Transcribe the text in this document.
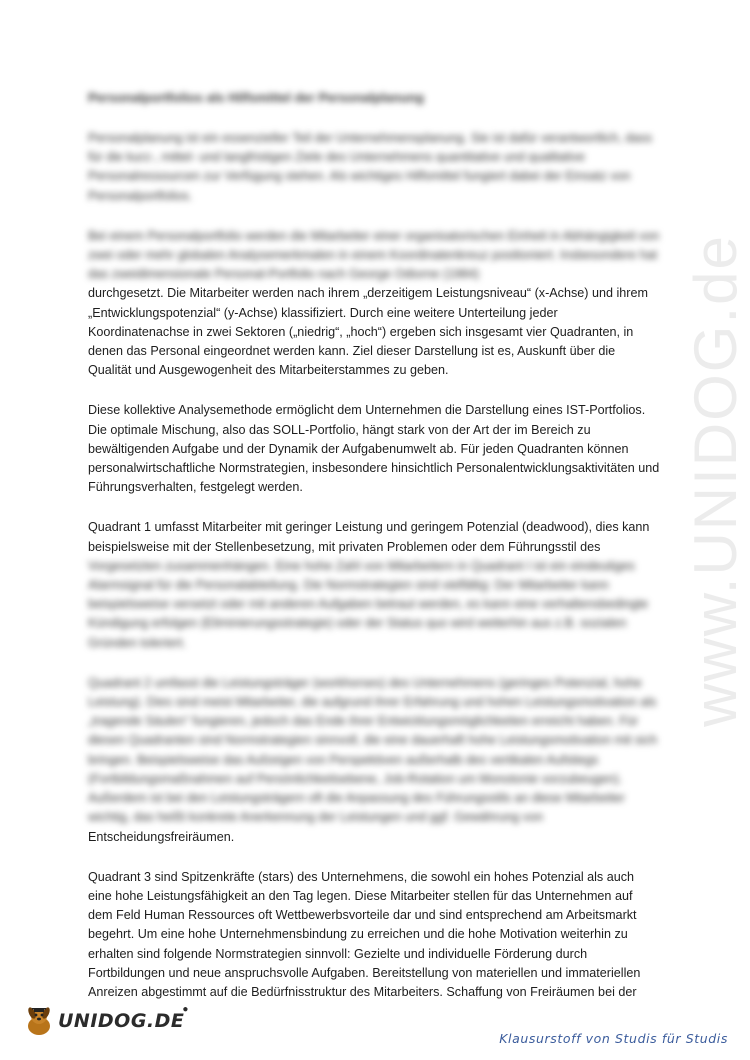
www.UNIDOG.de
Personalportfolios als Hilfsmittel der Personalplanung
Personalplanung ist ein essenzieller Teil der Unternehmensplanung. Sie ist dafür verantwortlich, dass für die kurz-, mittel- und langfristigen Ziele des Unternehmens quantitative und qualitative Personalressourcen zur Verfügung stehen. Als wichtiges Hilfsmittel fungiert dabei der Einsatz von Personalportfolios.
Bei einem Personalportfolio werden die Mitarbeiter einer organisatorischen Einheit in Abhängigkeit von zwei oder mehr globalen Analysemerkmalen in einem Koordinatenkreuz positioniert. Insbesondere hat das zweidimensionale Personal-Portfolio nach George Odiorne (1984)
durchgesetzt. Die Mitarbeiter werden nach ihrem „derzeitigem Leistungsniveau“ (x-Achse) und ihrem „Entwicklungspotenzial“ (y-Achse) klassifiziert. Durch eine weitere Unterteilung jeder Koordinatenachse in zwei Sektoren („niedrig“, „hoch“) ergeben sich insgesamt vier Quadranten, in denen das Personal eingeordnet werden kann. Ziel dieser Darstellung ist es, Auskunft über die Qualität und Ausgewogenheit des Mitarbeiterstammes zu geben.
Diese kollektive Analysemethode ermöglicht dem Unternehmen die Darstellung eines IST-Portfolios. Die optimale Mischung, also das SOLL-Portfolio, hängt stark von der Art der im Bereich zu bewältigenden Aufgabe und der Dynamik der Aufgabenumwelt ab. Für jeden Quadranten können personalwirtschaftliche Normstrategien, insbesondere hinsichtlich Personalentwicklungsaktivitäten und Führungsverhalten, festgelegt werden.
Quadrant 1 umfasst Mitarbeiter mit geringer Leistung und geringem Potenzial (deadwood), dies kann beispielsweise mit der Stellenbesetzung, mit privaten Problemen oder dem Führungsstil des
Vorgesetzten zusammenhängen. Eine hohe Zahl von Mitarbeitern in Quadrant I ist ein eindeutiges Alarmsignal für die Personalabteilung. Die Normstrategien sind vielfältig: Der Mitarbeiter kann beispielsweise versetzt oder mit anderen Aufgaben betraut werden, es kann eine verhaltensbedingte Kündigung erfolgen (Eliminierungsstrategie) oder der Status quo wird weiterhin aus z.B. sozialen Gründen toleriert.
Quadrant 2 umfasst die Leistungsträger (workhorses) des Unternehmens (geringes Potenzial, hohe Leistung). Dies sind meist Mitarbeiter, die aufgrund ihrer Erfahrung und hohen Leistungsmotivation als „tragende Säulen“ fungieren, jedoch das Ende ihrer Entwicklungsmöglichkeiten erreicht haben. Für diesen Quadranten sind Normstrategien sinnvoll, die eine dauerhaft hohe Leistungsmotivation mit sich bringen. Beispielsweise das Aufzeigen von Perspektiven außerhalb des vertikalen Aufstiegs (Fortbildungsmaßnahmen auf Persönlichkeitsebene, Job-Rotation um Monotonie vorzubeugen). Außerdem ist bei den Leistungsträgern oft die Anpassung des Führungsstils an diese Mitarbeiter wichtig, das heißt konkrete Anerkennung der Leistungen und ggf. Gewährung von
Entscheidungsfreiräumen.
Quadrant 3 sind Spitzenkräfte (stars) des Unternehmens, die sowohl ein hohes Potenzial als auch eine hohe Leistungsfähigkeit an den Tag legen. Diese Mitarbeiter stellen für das Unternehmen auf dem Feld Human Ressources oft Wettbewerbsvorteile dar und sind entsprechend am Arbeitsmarkt begehrt. Um eine hohe Unternehmensbindung zu erreichen und die hohe Motivation weiterhin zu erhalten sind folgende Normstrategien sinnvoll: Gezielte und individuelle Förderung durch Fortbildungen und neue anspruchsvolle Aufgaben. Bereitstellung von materiellen und immateriellen Anreizen abgestimmt auf die Bedürfnisstruktur des Mitarbeiters. Schaffung von Freiräumen bei der
UNIDOG.DE
●
Klausurstoff von Studis für Studis
